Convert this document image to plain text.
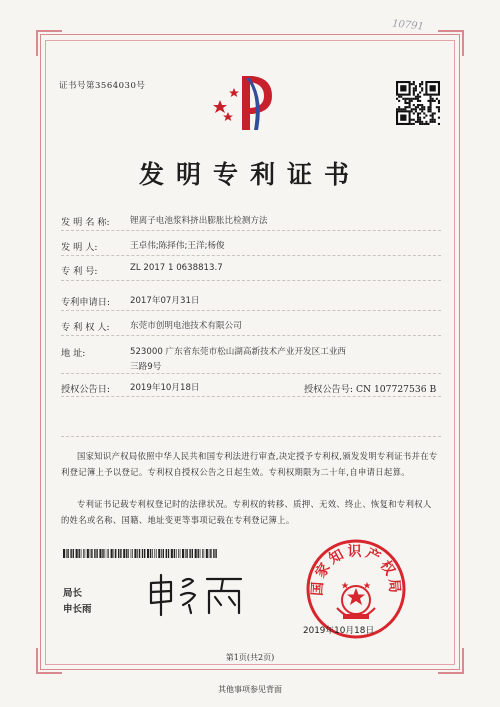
10791
证书号第3564030号
发明专利证书
发 明 名 称: 锂离子电池浆料挤出膨胀比检测方法
发 明 人:	王卓伟;陈择伟;王洋;杨俊
专 利 号:	ZL 2017 1 0638813.7
专利申请日: 2017年07月31日
专 利 权 人: 东莞市创明电池技术有限公司
地 址:	523000 广东省东莞市松山湖高新技术产业开发区工业西
三路9号
授权公告日: 2019年10月18日	授权公告号: CN 107727536 B
国家知识产权局依照中华人民共和国专利法进行审查,决定授予专利权,颁发发明专利证书并在专利登记簿上予以登记。专利权自授权公告之日起生效。专利权期限为二十年,自申请日起算。
专利证书记载专利权登记时的法律状况。专利权的转移、质押、无效、终止、恢复和专利权人的姓名或名称、国籍、地址变更等事项记载在专利登记簿上。
局长
申长雨
国家知识产权局
2019年10月18日
第1页(共2页)
其他事项参见背面
